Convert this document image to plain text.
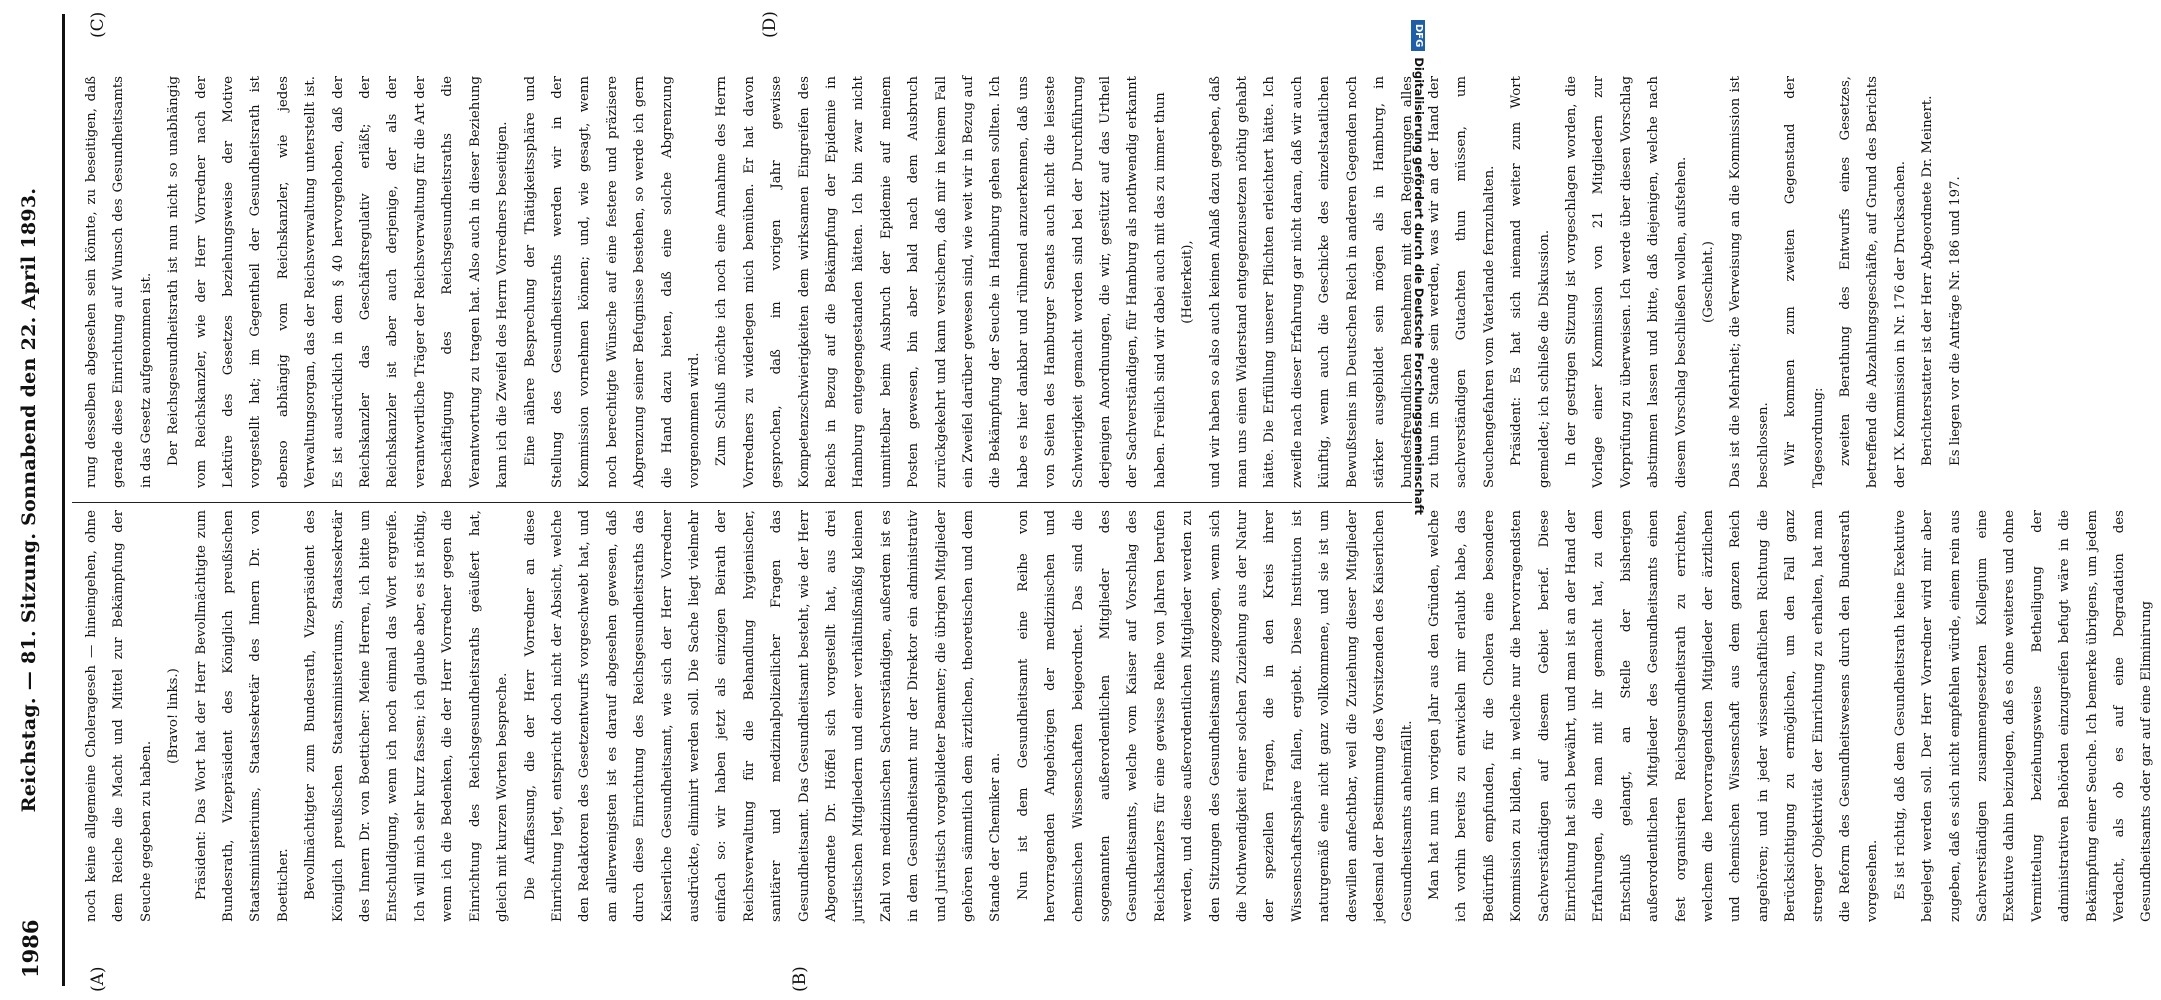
1986
Reichstag. — 81. Sitzung. Sonnabend den 22. April 1893.
(A)	(B)
(C)	(D)

noch keine allgemeine Cholerageseh — hineingehen, ohne dem Reiche die Macht und Mittel zur Bekämpfung der Seuche gegeben zu haben.

(Bravo! links.) Präsident: Das Wort hat der Herr Bevollmächtigte zum Bundesrath, Vizepräsident des Königlich preußischen Staatsministeriums, Staatssekretär des Innern Dr. von Boetticher. Bevollmächtigter zum Bundesrath, Vizepräsident des Königlich preußischen Staatsministeriums, Staatssekretär des Innern Dr. von Boetticher: Meine Herren, ich bitte um Entschuldigung, wenn ich noch einmal das Wort ergreife. Ich will mich sehr kurz fassen; ich glaube aber, es ist nöthig, wenn ich die Bedenken, die der Herr Vorredner gegen die Einrichtung des Reichsgesundheitsraths geäußert hat, gleich mit kurzen Worten bespreche. Die Auffassung, die der Herr Vorredner an diese Einrichtung legt, entspricht doch nicht der Absicht, welche den Redaktoren des Gesetzentwurfs vorgeschwebt hat, und am allerwenigsten ist es darauf abgesehen gewesen, daß durch diese Einrichtung des Reichsgesundheitsraths das Kaiserliche Gesundheitsamt, wie sich der Herr Vorredner ausdrückte, eliminirt werden soll. Die Sache liegt vielmehr einfach so: wir haben jetzt als einzigen Beirath der Reichsverwaltung für die Behandlung hygienischer, sanitärer und medizinalpolizeilicher Fragen das Gesundheitsamt. Das Gesundheitsamt besteht, wie der Herr Abgeordnete Dr. Höffel sich vorgestellt hat, aus drei juristischen Mitgliedern und einer verhältnißmäßig kleinen Zahl von medizinischen Sachverständigen, außerdem ist es in dem Gesundheitsamt nur der Direktor ein administrativ und juristisch vorgebildeter Beamter; die übrigen Mitglieder gehören sämmtlich dem ärztlichen, theoretischen und dem Stande der Chemiker an. Nun ist dem Gesundheitsamt eine Reihe von hervorragenden Angehörigen der medizinischen und chemischen Wissenschaften beigeordnet. Das sind die sogenannten außerordentlichen Mitglieder des Gesundheitsamts, welche vom Kaiser auf Vorschlag des Reichskanzlers für eine gewisse Reihe von Jahren berufen werden, und diese außerordentlichen Mitglieder werden zu den Sitzungen des Gesundheitsamts zugezogen, wenn sich die Nothwendigkeit einer solchen Zuziehung aus der Natur der speziellen Fragen, die in den Kreis ihrer Wissenschaftssphäre fallen, ergiebt. Diese Institution ist naturgemäß eine nicht ganz vollkommene, und sie ist um deswillen anfechtbar, weil die Zuziehung dieser Mitglieder jedesmal der Bestimmung des Vorsitzenden des Kaiserlichen Gesundheitsamts anheimfällt. Man hat nun im vorigen Jahr aus den Gründen, welche ich vorhin bereits zu entwickeln mir erlaubt habe, das Bedürfniß empfunden, für die Cholera eine besondere Kommission zu bilden, in welche nur die hervorragendsten Sachverständigen auf diesem Gebiet berief. Diese Einrichtung hat sich bewährt, und man ist an der Hand der Erfahrungen, die man mit ihr gemacht hat, zu dem Entschluß gelangt, an Stelle der bisherigen außerordentlichen Mitglieder des Gesundheitsamts einen fest organisirten Reichsgesundheitsrath zu errichten, welchem die hervorragendsten Mitglieder der ärztlichen und chemischen Wissenschaft aus dem ganzen Reich angehören; und in jeder wissenschaftlichen Richtung die Berücksichtigung zu ermöglichen, um den Fall ganz strenger Objektivität der Einrichtung zu erhalten, hat man die Reform des Gesundheitswesens durch den Bundesrath vorgesehen. Es ist richtig, daß dem Gesundheitsrath keine Exekutive beigelegt werden soll. Der Herr Vorredner wird mir aber zugeben, daß es sich nicht empfehlen würde, einem rein aus Sachverständigen zusammengesetzten Kollegium eine Exekutive dahin beizulegen, daß es ohne weiteres und ohne Vermittelung beziehungsweise Betheiligung der administrativen Behörden einzugreifen befugt wäre in die Bekämpfung einer Seuche. Ich bemerke übrigens, um jedem Verdacht, als ob es auf eine Degradation des Gesundheitsamts oder gar auf eine Eliminirung

rung desselben abgesehen sein könnte, zu beseitigen, daß gerade diese Einrichtung auf Wunsch des Gesundheitsamts in das Gesetz aufgenommen ist. Der Reichsgesundheitsrath ist nun nicht so unabhängig vom Reichskanzler, wie der Herr Vorredner nach der Lektüre des Gesetzes beziehungsweise der Motive vorgestellt hat; im Gegentheil der Gesundheitsrath ist ebenso abhängig vom Reichskanzler, wie jedes Verwaltungsorgan, das der Reichsverwaltung unterstellt ist. Es ist ausdrücklich in dem § 40 hervorgehoben, daß der Reichskanzler das Geschäftsregulativ erläßt; der Reichskanzler ist aber auch derjenige, der als der verantwortliche Träger der Reichsverwaltung für die Art der Beschäftigung des Reichsgesundheitsraths die Verantwortung zu tragen hat. Also auch in dieser Beziehung kann ich die Zweifel des Herrn Vorredners beseitigen. Eine nähere Besprechung der Thätigkeitssphäre und Stellung des Gesundheitsraths werden wir in der Kommission vornehmen können; und, wie gesagt, wenn noch berechtigte Wünsche auf eine festere und präzisere Abgrenzung seiner Befugnisse bestehen, so werde ich gern die Hand dazu bieten, daß eine solche Abgrenzung vorgenommen wird. Zum Schluß möchte ich noch eine Annahme des Herrn Vorredners zu widerlegen mich bemühen. Er hat davon gesprochen, daß im vorigen Jahr gewisse Kompetenzschwierigkeiten dem wirksamen Eingreifen des Reichs in Bezug auf die Bekämpfung der Epidemie in Hamburg entgegengestanden hätten. Ich bin zwar nicht unmittelbar beim Ausbruch der Epidemie auf meinem Posten gewesen, bin aber bald nach dem Ausbruch zurückgekehrt und kann versichern, daß mir in keinem Fall ein Zweifel darüber gewesen sind, wie weit wir in Bezug auf die Bekämpfung der Seuche in Hamburg gehen sollten. Ich habe es hier dankbar und rühmend anzuerkennen, daß uns von Seiten des Hamburger Senats auch nicht die leiseste Schwierigkeit gemacht worden sind bei der Durchführung derjenigen Anordnungen, die wir, gestützt auf das Urtheil der Sachverständigen, für Hamburg als nothwendig erkannt haben. Freilich sind wir dabei auch mit das zu immer thun (Heiterkeit), und wir haben so also auch keinen Anlaß dazu gegeben, daß man uns einen Widerstand entgegenzusetzen nöthig gehabt hätte. Die Erfüllung unserer Pflichten erleichtert hätte. Ich zweifle nach dieser Erfahrung gar nicht daran, daß wir auch künftig, wenn auch die Geschicke des einzelstaatlichen Bewußtseins im Deutschen Reich in anderen Gegenden noch stärker ausgebildet sein mögen als in Hamburg, in bundesfreundlichen Benehmen mit den Regierungen alles zu thun im Stande sein werden, was wir an der Hand der sachverständigen Gutachten thun müssen, um Seuchengefahren vom Vaterlande fernzuhalten. Präsident: Es hat sich niemand weiter zum Wort gemeldet; ich schließe die Diskussion. In der gestrigen Sitzung ist vorgeschlagen worden, die Vorlage einer Kommission von 21 Mitgliedern zur Vorprüfung zu überweisen. Ich werde über diesen Vorschlag abstimmen lassen und bitte, daß diejenigen, welche nach diesem Vorschlag beschließen wollen, aufstehen. (Geschieht.) Das ist die Mehrheit; die Verweisung an die Kommission ist beschlossen. Wir kommen zum zweiten Gegenstand der Tagesordnung: zweiten Berathung des Entwurfs eines Gesetzes, betreffend die Abzahlungsgeschäfte, auf Grund des Berichts der IX. Kommission in Nr. 176 der Drucksachen. Berichterstatter ist der Herr Abgeordnete Dr. Meinert. Es liegen vor die Anträge Nr. 186 und 197.

DFGDigitalisierung gefördert durch die Deutsche Forschungsgemeinschaft
